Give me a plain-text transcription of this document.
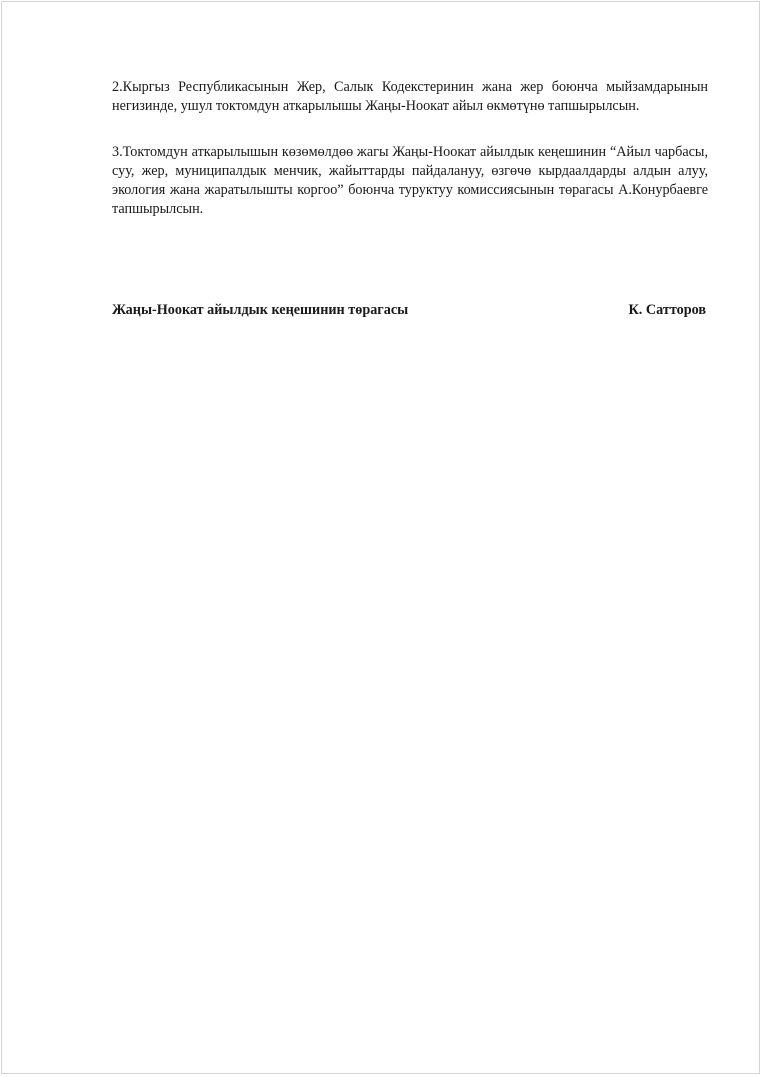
2.Кыргыз Республикасынын Жер, Салык Кодекстеринин жана жер боюнча мыйзамдарынын негизинде, ушул токтомдун аткарылышы Жаңы-Ноокат айыл өкмөтүнө тапшырылсын.

3.Токтомдун аткарылышын көзөмөлдөө жагы Жаңы-Ноокат айылдык кеңешинин “Айыл чарбасы, суу, жер, муниципалдык менчик, жайыттарды пайдалануу, өзгөчө кырдаалдарды алдын алуу, экология жана жаратылышты коргоо” боюнча туруктуу комиссиясынын төрагасы А.Конурбаевге тапшырылсын.

Жаңы-Ноокат айылдык кеңешинин төрагасы	К. Сатторов
